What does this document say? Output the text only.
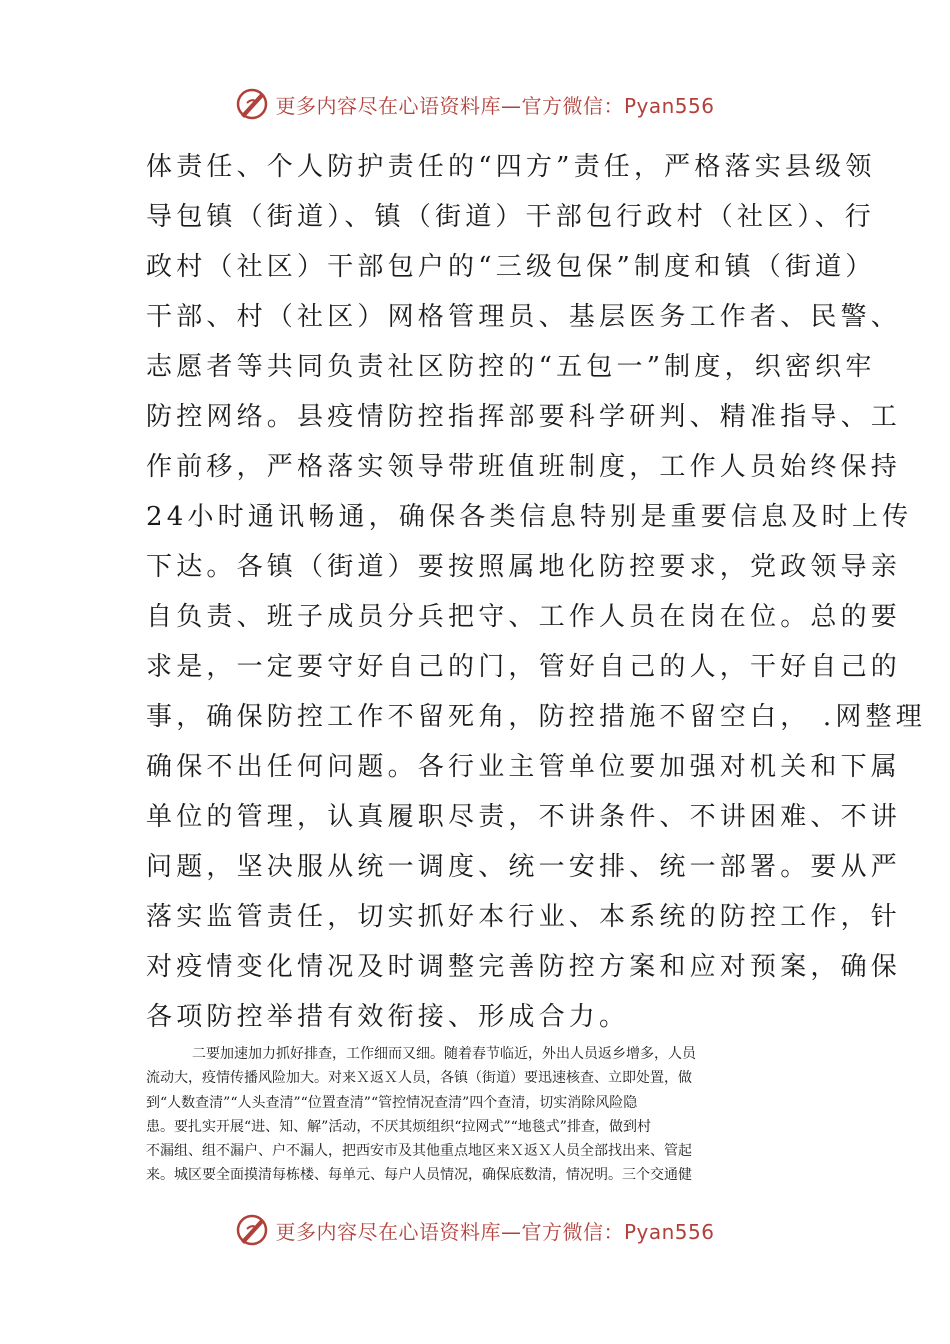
更多内容尽在心语资料库—官方微信：Pyan556
体责任、个人防护责任的“四方”责任，严格落实县级领
导包镇（街道）、镇（街道）干部包行政村（社区）、行
政村（社区）干部包户的“三级包保”制度和镇（街道）
干部、村（社区）网格管理员、基层医务工作者、民警、
志愿者等共同负责社区防控的“五包一”制度，织密织牢
防控网络。县疫情防控指挥部要科学研判、精准指导、工
作前移，严格落实领导带班值班制度，工作人员始终保持
24小时通讯畅通，确保各类信息特别是重要信息及时上传
下达。各镇（街道）要按照属地化防控要求，党政领导亲
自负责、班子成员分兵把守、工作人员在岗在位。总的要
求是，一定要守好自己的门，管好自己的人，干好自己的
事，确保防控工作不留死角，防控措施不留空白， .网整理
确保不出任何问题。各行业主管单位要加强对机关和下属
单位的管理，认真履职尽责，不讲条件、不讲困难、不讲
问题，坚决服从统一调度、统一安排、统一部署。要从严
落实监管责任，切实抓好本行业、本系统的防控工作，针
对疫情变化情况及时调整完善防控方案和应对预案，确保
各项防控举措有效衔接、形成合力。
二要加速加力抓好排查，工作细而又细。随着春节临近，外出人员返乡增多，人员
流动大，疫情传播风险加大。对来Ｘ返Ｘ人员，各镇（街道）要迅速核查、立即处置，做
到“人数查清”“人头查清”“位置查清”“管控情况查清”四个查清，切实消除风险隐
患。要扎实开展“进、知、解”活动，不厌其烦组织“拉网式”“地毯式”排查，做到村
不漏组、组不漏户、户不漏人，把西安市及其他重点地区来Ｘ返Ｘ人员全部找出来、管起
来。城区要全面摸清每栋楼、每单元、每户人员情况，确保底数清，情况明。三个交通健
更多内容尽在心语资料库—官方微信：Pyan556
